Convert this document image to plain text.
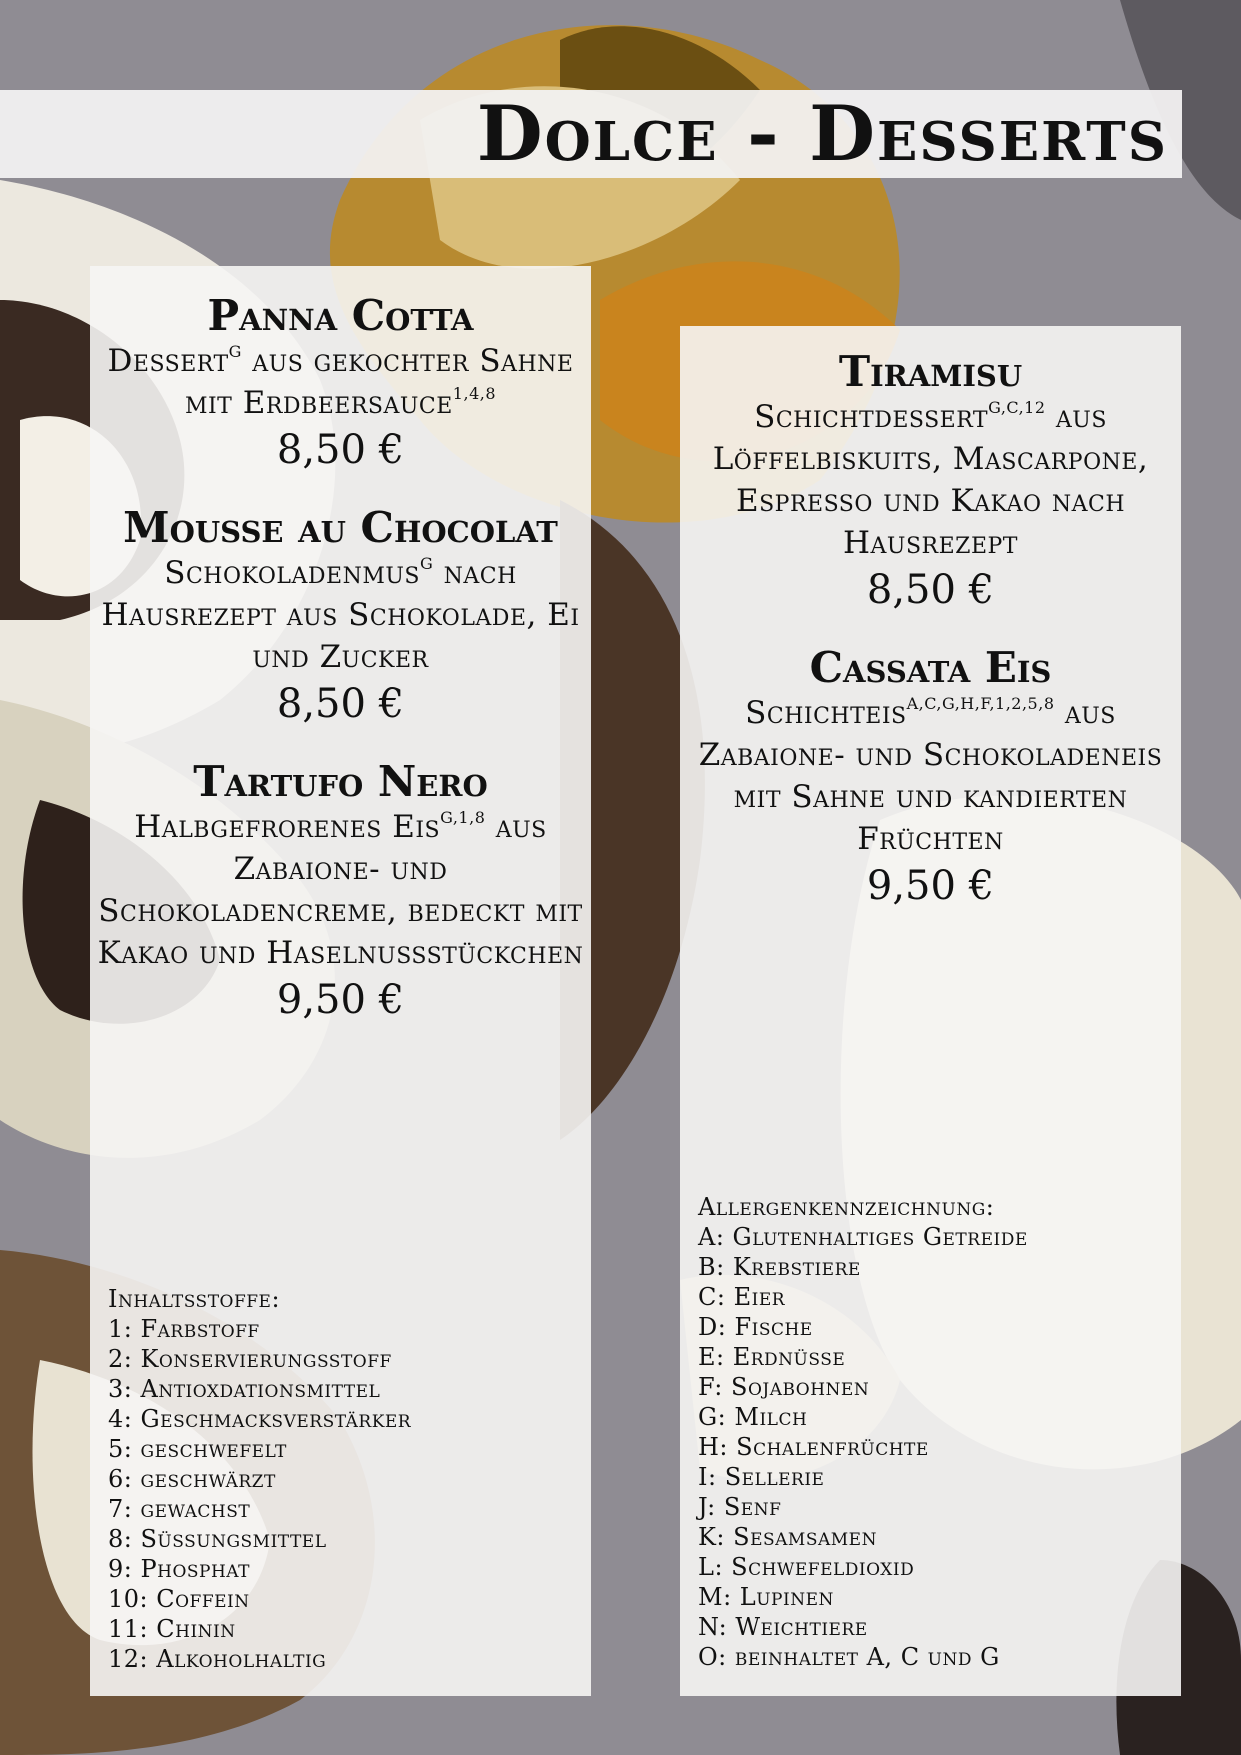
Dolce - Desserts
Panna Cotta
Dessert$^G$ aus gekochter Sahne mit Erdbeersauce$^{1,4,8}$
8,50 €
Mousse au Chocolat
Schokoladenmus$^G$ nach Hausrezept aus Schokolade, Ei und Zucker
8,50 €
Tartufo Nero
Halbgefrorenes Eis$^{G,1,8}$ aus Zabaione- und Schokoladencreme, bedeckt mit Kakao und Haselnussstückchen
9,50 €
Inhaltsstoffe:
1: Farbstoff
2: Konservierungsstoff
3: Antioxdationsmittel
4: Geschmacksverstärker
5: geschwefelt
6: geschwärzt
7: gewachst
8: Süssungsmittel
9: Phosphat
10: Coffein
11: Chinin
12: Alkoholhaltig
Tiramisu
Schichtdessert$^{G,C,12}$ aus Löffelbiskuits, Mascarpone, Espresso und Kakao nach Hausrezept
8,50 €
Cassata Eis
Schichteis$^{A,C,G,H,F,1,2,5,8}$ aus Zabaione- und Schokoladeneis mit Sahne und kandierten Früchten
9,50 €
Allergenkennzeichnung:
A: Glutenhaltiges Getreide
B: Krebstiere
C: Eier
D: Fische
E: Erdnüsse
F: Sojabohnen
G: Milch
H: Schalenfrüchte
I: Sellerie
J: Senf
K: Sesamsamen
L: Schwefeldioxid
M: Lupinen
N: Weichtiere
O: beinhaltet A, C und G
